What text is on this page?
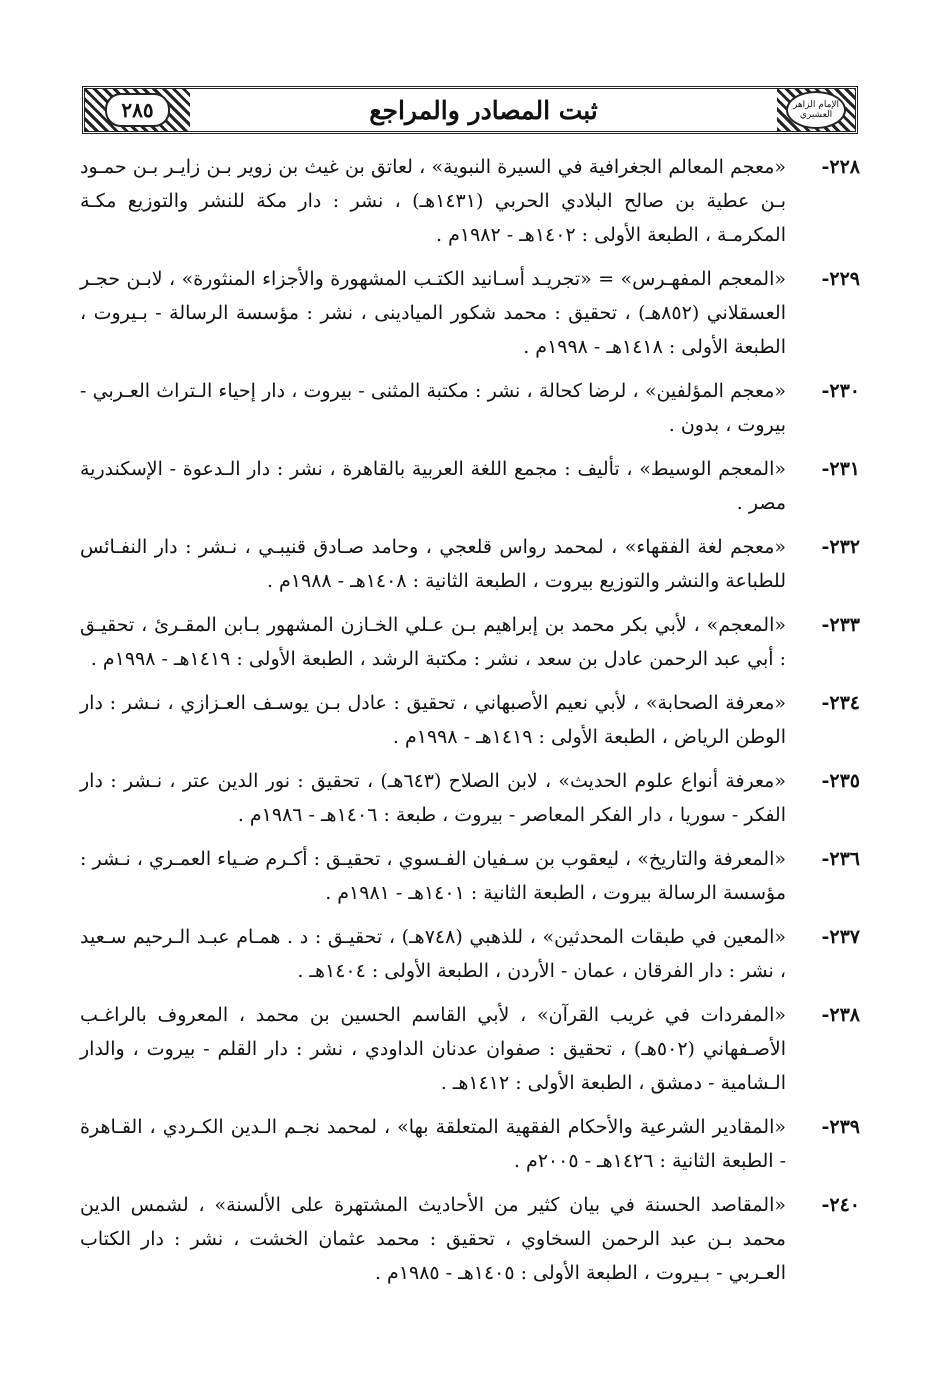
٢٨٥	ثبت المصادر والمراجع	الإمام الزاهر العشيري
٢٢٨-
«معجم المعالم الجغرافية في السيرة النبوية» ، لعاتق بن غيث بن زوير بـن زايـر بـن حمـود بـن عطية بن صالح البلادي الحربي (١٤٣١هـ) ، نشر : دار مكة للنشر والتوزيع مكـة المكرمـة ، الطبعة الأولى : ١٤٠٢هـ - ١٩٨٢م .
٢٢٩-
«المعجم المفهـرس» = «تجريـد أسـانيد الكتـب المشهورة والأجزاء المنثورة» ، لابـن حجـر العسقلاني (٨٥٢هـ) ، تحقيق : محمد شكور الميادينى ، نشر : مؤسسة الرسالة - بـيروت ، الطبعة الأولى : ١٤١٨هـ - ١٩٩٨م .
٢٣٠-
«معجم المؤلفين» ، لرضا كحالة ، نشر : مكتبة المثنى - بيروت ، دار إحياء الـتراث العـربي - بيروت ، بدون .
٢٣١-
«المعجم الوسيط» ، تأليف : مجمع اللغة العربية بالقاهرة ، نشر : دار الـدعوة - الإسكندرية مصر .
٢٣٢-
«معجم لغة الفقهاء» ، لمحمد رواس قلعجي ، وحامد صـادق قنيبـي ، نـشر : دار النفـائس للطباعة والنشر والتوزيع بيروت ، الطبعة الثانية : ١٤٠٨هـ - ١٩٨٨م .
٢٣٣-
«المعجم» ، لأبي بكر محمد بن إبراهيم بـن عـلي الخـازن المشهور بـابن المقـرئ ، تحقيـق : أبي عبد الرحمن عادل بن سعد ، نشر : مكتبة الرشد ، الطبعة الأولى : ١٤١٩هـ - ١٩٩٨م .
٢٣٤-
«معرفة الصحابة» ، لأبي نعيم الأصبهاني ، تحقيق : عادل بـن يوسـف العـزازي ، نـشر : دار الوطن الرياض ، الطبعة الأولى : ١٤١٩هـ - ١٩٩٨م .
٢٣٥-
«معرفة أنواع علوم الحديث» ، لابن الصلاح (٦٤٣هـ) ، تحقيق : نور الدين عتر ، نـشر : دار الفكر - سوريا ، دار الفكر المعاصر - بيروت ، طبعة : ١٤٠٦هـ - ١٩٨٦م .
٢٣٦-
«المعرفة والتاريخ» ، ليعقوب بن سـفيان الفـسوي ، تحقيـق : أكـرم ضـياء العمـري ، نـشر : مؤسسة الرسالة بيروت ، الطبعة الثانية : ١٤٠١هـ - ١٩٨١م .
٢٣٧-
«المعين في طبقات المحدثين» ، للذهبي (٧٤٨هـ) ، تحقيـق : د . همـام عبـد الـرحيم سـعيد ، نشر : دار الفرقان ، عمان - الأردن ، الطبعة الأولى : ١٤٠٤هـ .
٢٣٨-
«المفردات في غريب القرآن» ، لأبي القاسم الحسين بن محمد ، المعروف بالراغـب الأصـفهاني (٥٠٢هـ) ، تحقيق : صفوان عدنان الداودي ، نشر : دار القلم - بيروت ، والدار الـشامية - دمشق ، الطبعة الأولى : ١٤١٢هـ .
٢٣٩-
«المقادير الشرعية والأحكام الفقهية المتعلقة بها» ، لمحمد نجـم الـدين الكـردي ، القـاهرة - الطبعة الثانية : ١٤٢٦هـ - ٢٠٠٥م .
٢٤٠-
«المقاصد الحسنة في بيان كثير من الأحاديث المشتهرة على الألسنة» ، لشمس الدين محمد بـن عبد الرحمن السخاوي ، تحقيق : محمد عثمان الخشت ، نشر : دار الكتاب العـربي - بـيروت ، الطبعة الأولى : ١٤٠٥هـ - ١٩٨٥م .
